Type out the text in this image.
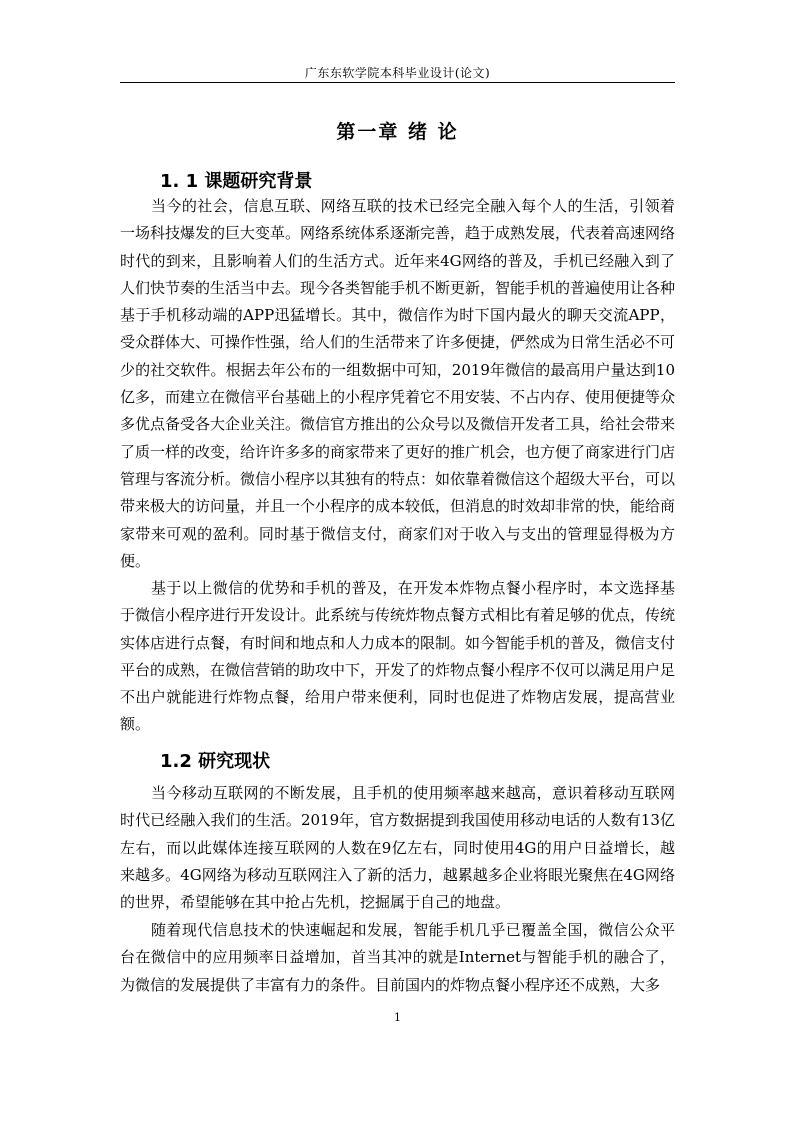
广东东软学院本科毕业设计(论文)
第一章 绪 论
1. 1 课题研究背景

当今的社会，信息互联、网络互联的技术已经完全融入每个人的生活，引领着一场科技爆发的巨大变革。网络系统体系逐渐完善，趋于成熟发展，代表着高速网络时代的到来，且影响着人们的生活方式。近年来4G网络的普及，手机已经融入到了人们快节奏的生活当中去。现今各类智能手机不断更新，智能手机的普遍使用让各种基于手机移动端的APP迅猛增长。其中，微信作为时下国内最火的聊天交流APP，受众群体大、可操作性强，给人们的生活带来了许多便捷，俨然成为日常生活必不可少的社交软件。根据去年公布的一组数据中可知，2019年微信的最高用户量达到10亿多，而建立在微信平台基础上的小程序凭着它不用安装、不占内存、使用便捷等众多优点备受各大企业关注。微信官方推出的公众号以及微信开发者工具，给社会带来了质一样的改变，给许许多多的商家带来了更好的推广机会，也方便了商家进行门店管理与客流分析。微信小程序以其独有的特点：如依靠着微信这个超级大平台，可以带来极大的访问量，并且一个小程序的成本较低，但消息的时效却非常的快，能给商家带来可观的盈利。同时基于微信支付，商家们对于收入与支出的管理显得极为方便。

基于以上微信的优势和手机的普及，在开发本炸物点餐小程序时，本文选择基于微信小程序进行开发设计。此系统与传统炸物点餐方式相比有着足够的优点，传统实体店进行点餐，有时间和地点和人力成本的限制。如今智能手机的普及，微信支付平台的成熟，在微信营销的助攻中下，开发了的炸物点餐小程序不仅可以满足用户足不出户就能进行炸物点餐，给用户带来便利，同时也促进了炸物店发展，提高营业额。

1.2 研究现状

当今移动互联网的不断发展，且手机的使用频率越来越高，意识着移动互联网时代已经融入我们的生活。2019年，官方数据提到我国使用移动电话的人数有13亿左右，而以此媒体连接互联网的人数在9亿左右，同时使用4G的用户日益增长，越来越多。4G网络为移动互联网注入了新的活力，越累越多企业将眼光聚焦在4G网络的世界，希望能够在其中抢占先机，挖掘属于自己的地盘。

随着现代信息技术的快速崛起和发展，智能手机几乎已覆盖全国，微信公众平台在微信中的应用频率日益增加，首当其冲的就是Internet与智能手机的融合了，为微信的发展提供了丰富有力的条件。目前国内的炸物点餐小程序还不成熟，大多

1
